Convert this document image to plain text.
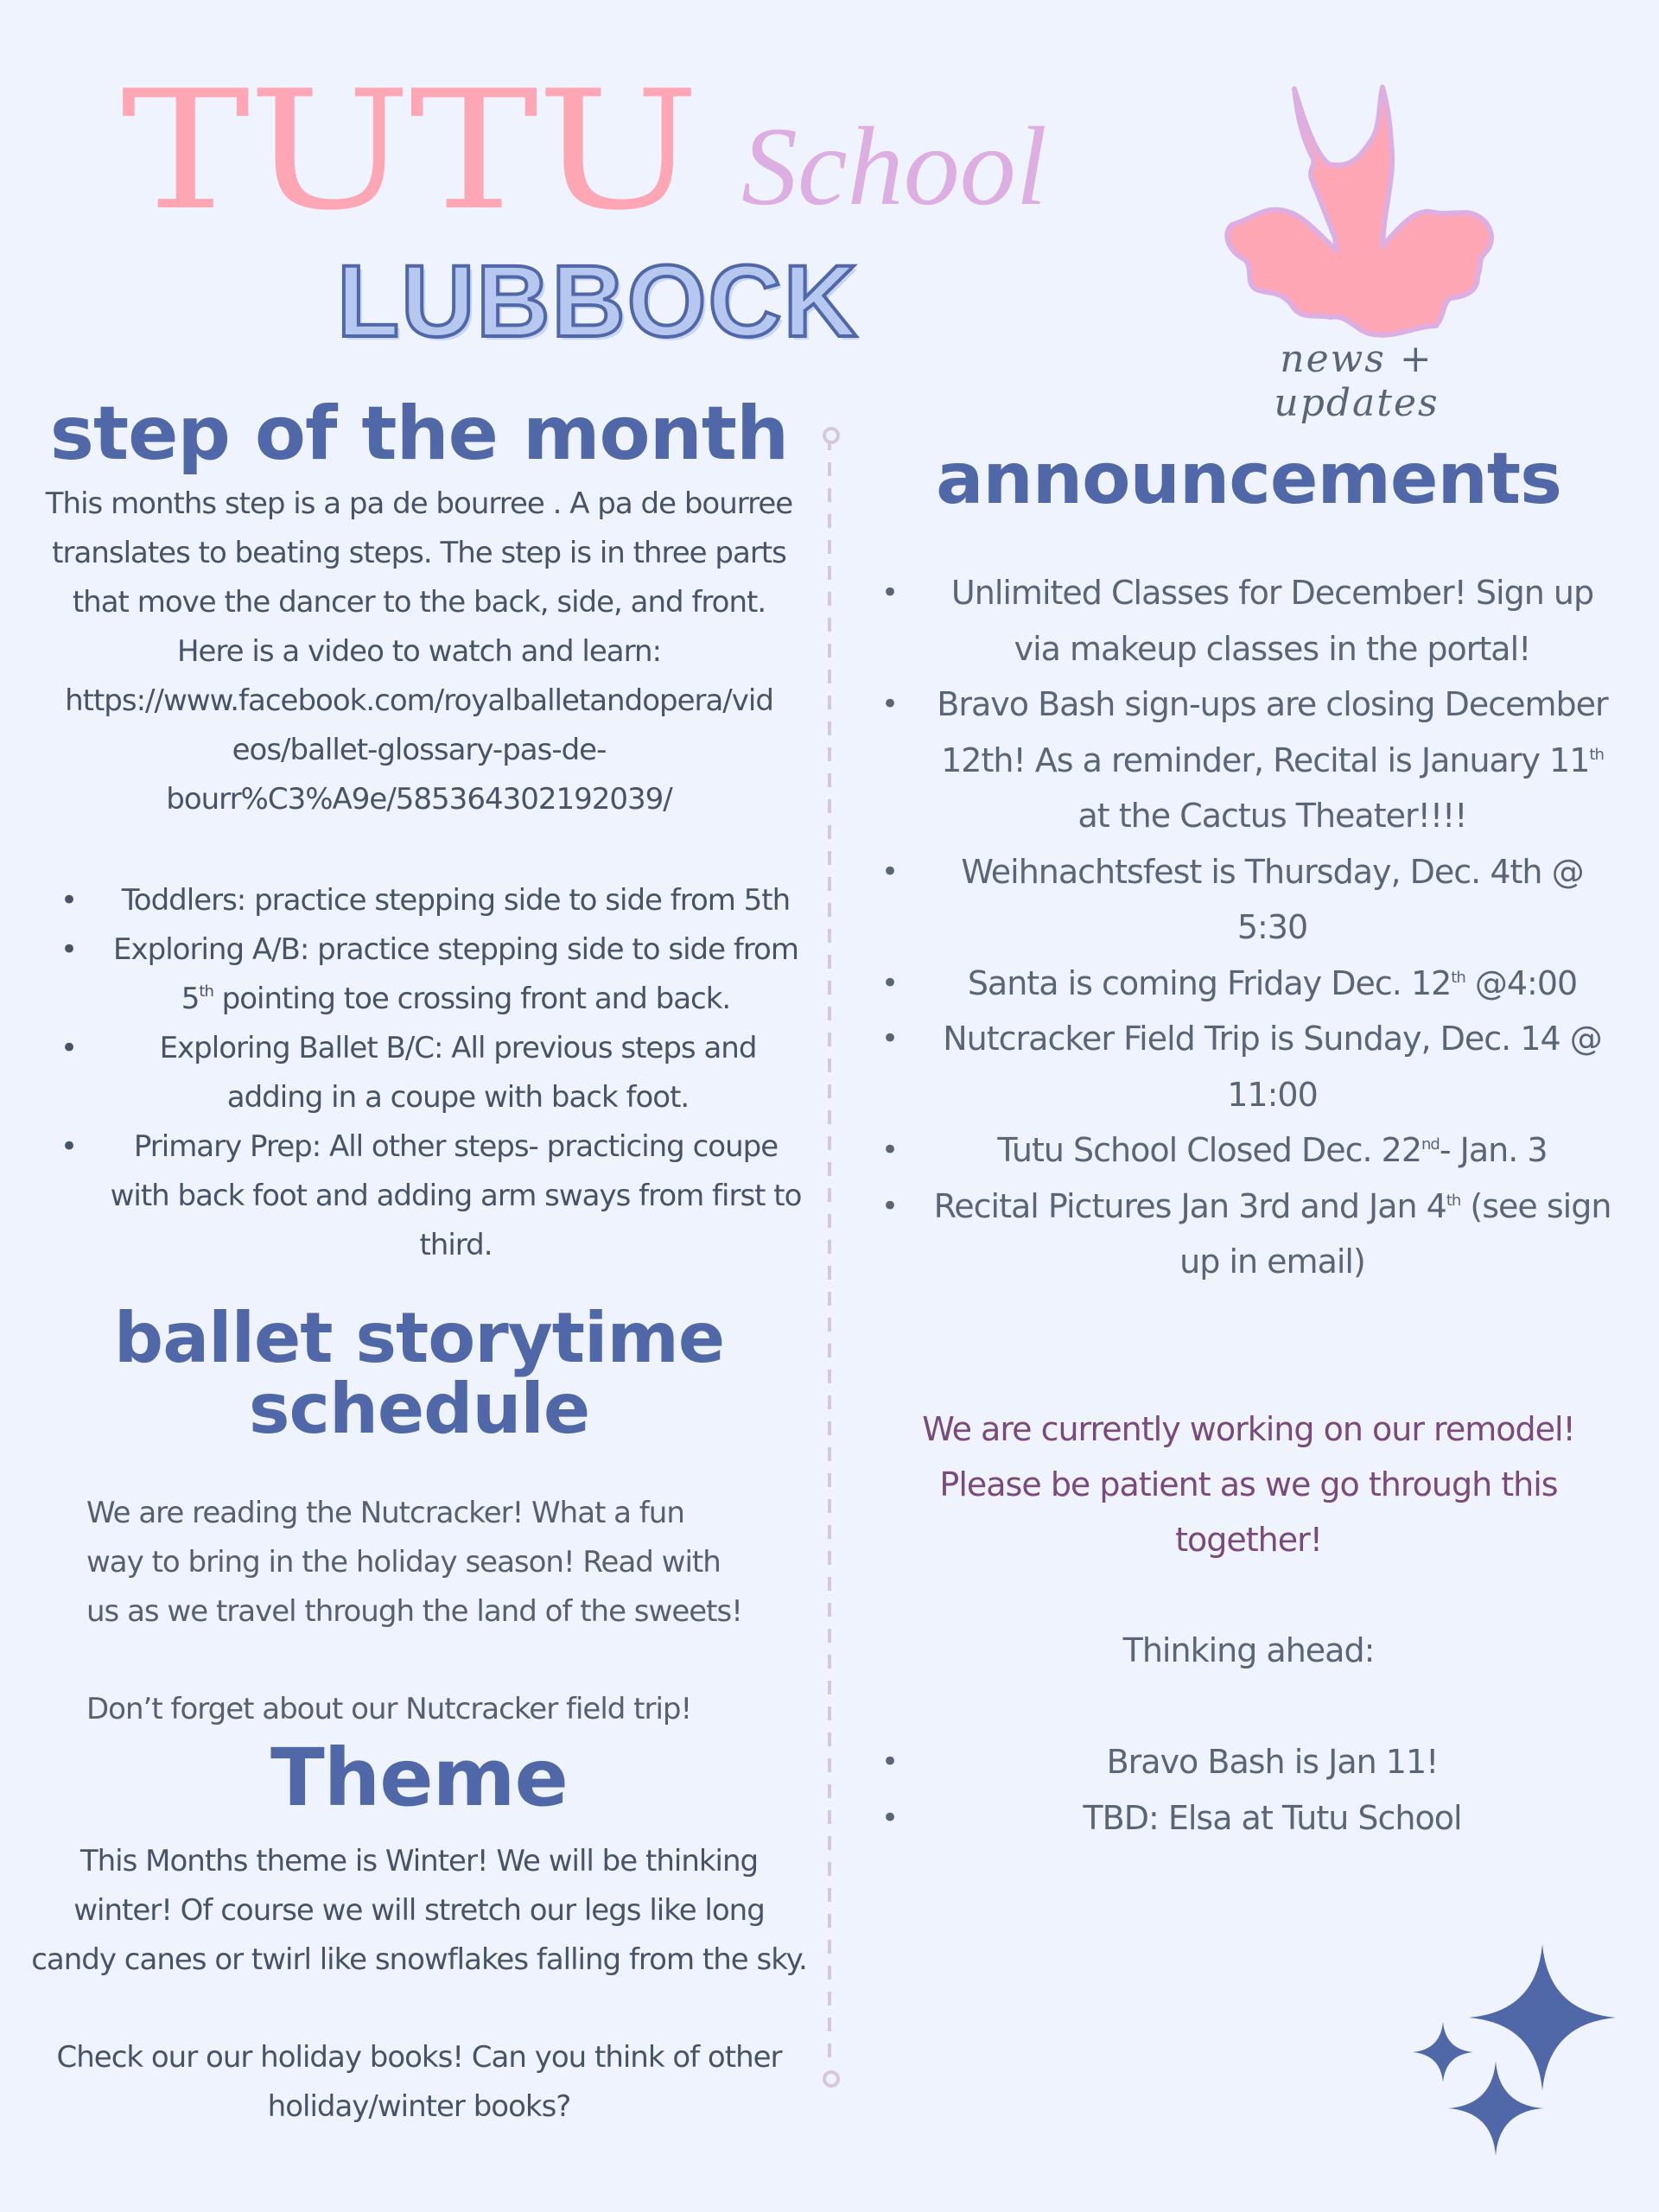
TUTU School
LUBBOCK
news + updates
step of the month
This months step is a pa de bourree . A pa de bourree
translates to beating steps. The step is in three parts
that move the dancer to the back, side, and front.
Here is a video to watch and learn:
https://www.facebook.com/royalballetandopera/vid
eos/ballet-glossary-pas-de-
bourr%C3%A9e/585364302192039/
• Toddlers: practice stepping side to side from 5th
• Exploring A/B: practice stepping side to side from 5th pointing toe crossing front and back.
• Exploring Ballet B/C: All previous steps and adding in a coupe with back foot.
• Primary Prep: All other steps- practicing coupe with back foot and adding arm sways from first to third.
ballet storytime
schedule
We are reading the Nutcracker! What a fun
way to bring in the holiday season! Read with
us as we travel through the land of the sweets!
Don’t forget about our Nutcracker field trip!
Theme
This Months theme is Winter! We will be thinking
winter! Of course we will stretch our legs like long
candy canes or twirl like snowflakes falling from the sky.
Check our our holiday books! Can you think of other
holiday/winter books?
announcements
• Unlimited Classes for December! Sign up via makeup classes in the portal!
• Bravo Bash sign-ups are closing December 12th! As a reminder, Recital is January 11th at the Cactus Theater!!!!
• Weihnachtsfest is Thursday, Dec. 4th @ 5:30
• Santa is coming Friday Dec. 12th @4:00
• Nutcracker Field Trip is Sunday, Dec. 14 @ 11:00
• Tutu School Closed Dec. 22nd- Jan. 3
• Recital Pictures Jan 3rd and Jan 4th (see sign up in email)
We are currently working on our remodel!
Please be patient as we go through this
together!
Thinking ahead:
• Bravo Bash is Jan 11!
• TBD: Elsa at Tutu School
